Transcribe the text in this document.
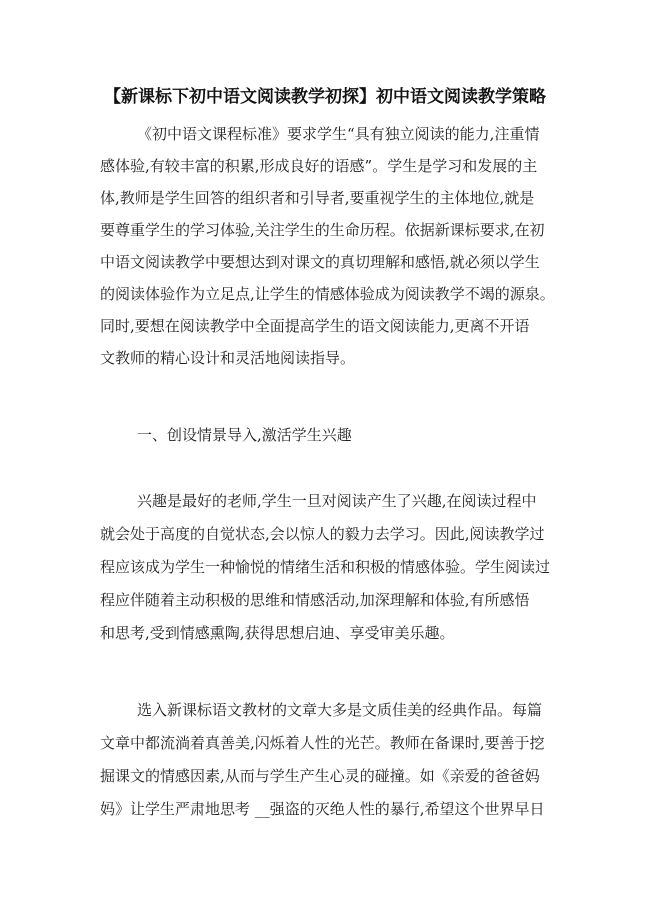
【新课标下初中语文阅读教学初探】初中语文阅读教学策略
《初中语文课程标准》要求学生“具有独立阅读的能力,注重情
感体验,有较丰富的积累,形成良好的语感”。学生是学习和发展的主
体,教师是学生回答的组织者和引导者,要重视学生的主体地位,就是
要尊重学生的学习体验,关注学生的生命历程。依据新课标要求,在初
中语文阅读教学中要想达到对课文的真切理解和感悟,就必须以学生
的阅读体验作为立足点,让学生的情感体验成为阅读教学不竭的源泉。
同时,要想在阅读教学中全面提高学生的语文阅读能力,更离不开语
文教师的精心设计和灵活地阅读指导。
一、创设情景导入,激活学生兴趣
兴趣是最好的老师,学生一旦对阅读产生了兴趣,在阅读过程中
就会处于高度的自觉状态,会以惊人的毅力去学习。因此,阅读教学过
程应该成为学生一种愉悦的情绪生活和积极的情感体验。学生阅读过
程应伴随着主动积极的思维和情感活动,加深理解和体验,有所感悟
和思考,受到情感熏陶,获得思想启迪、享受审美乐趣。
选入新课标语文教材的文章大多是文质佳美的经典作品。每篇
文章中都流淌着真善美,闪烁着人性的光芒。教师在备课时,要善于挖
掘课文的情感因素,从而与学生产生心灵的碰撞。如《亲爱的爸爸妈
妈》让学生严肃地思考 __强盗的灭绝人性的暴行,希望这个世界早日
